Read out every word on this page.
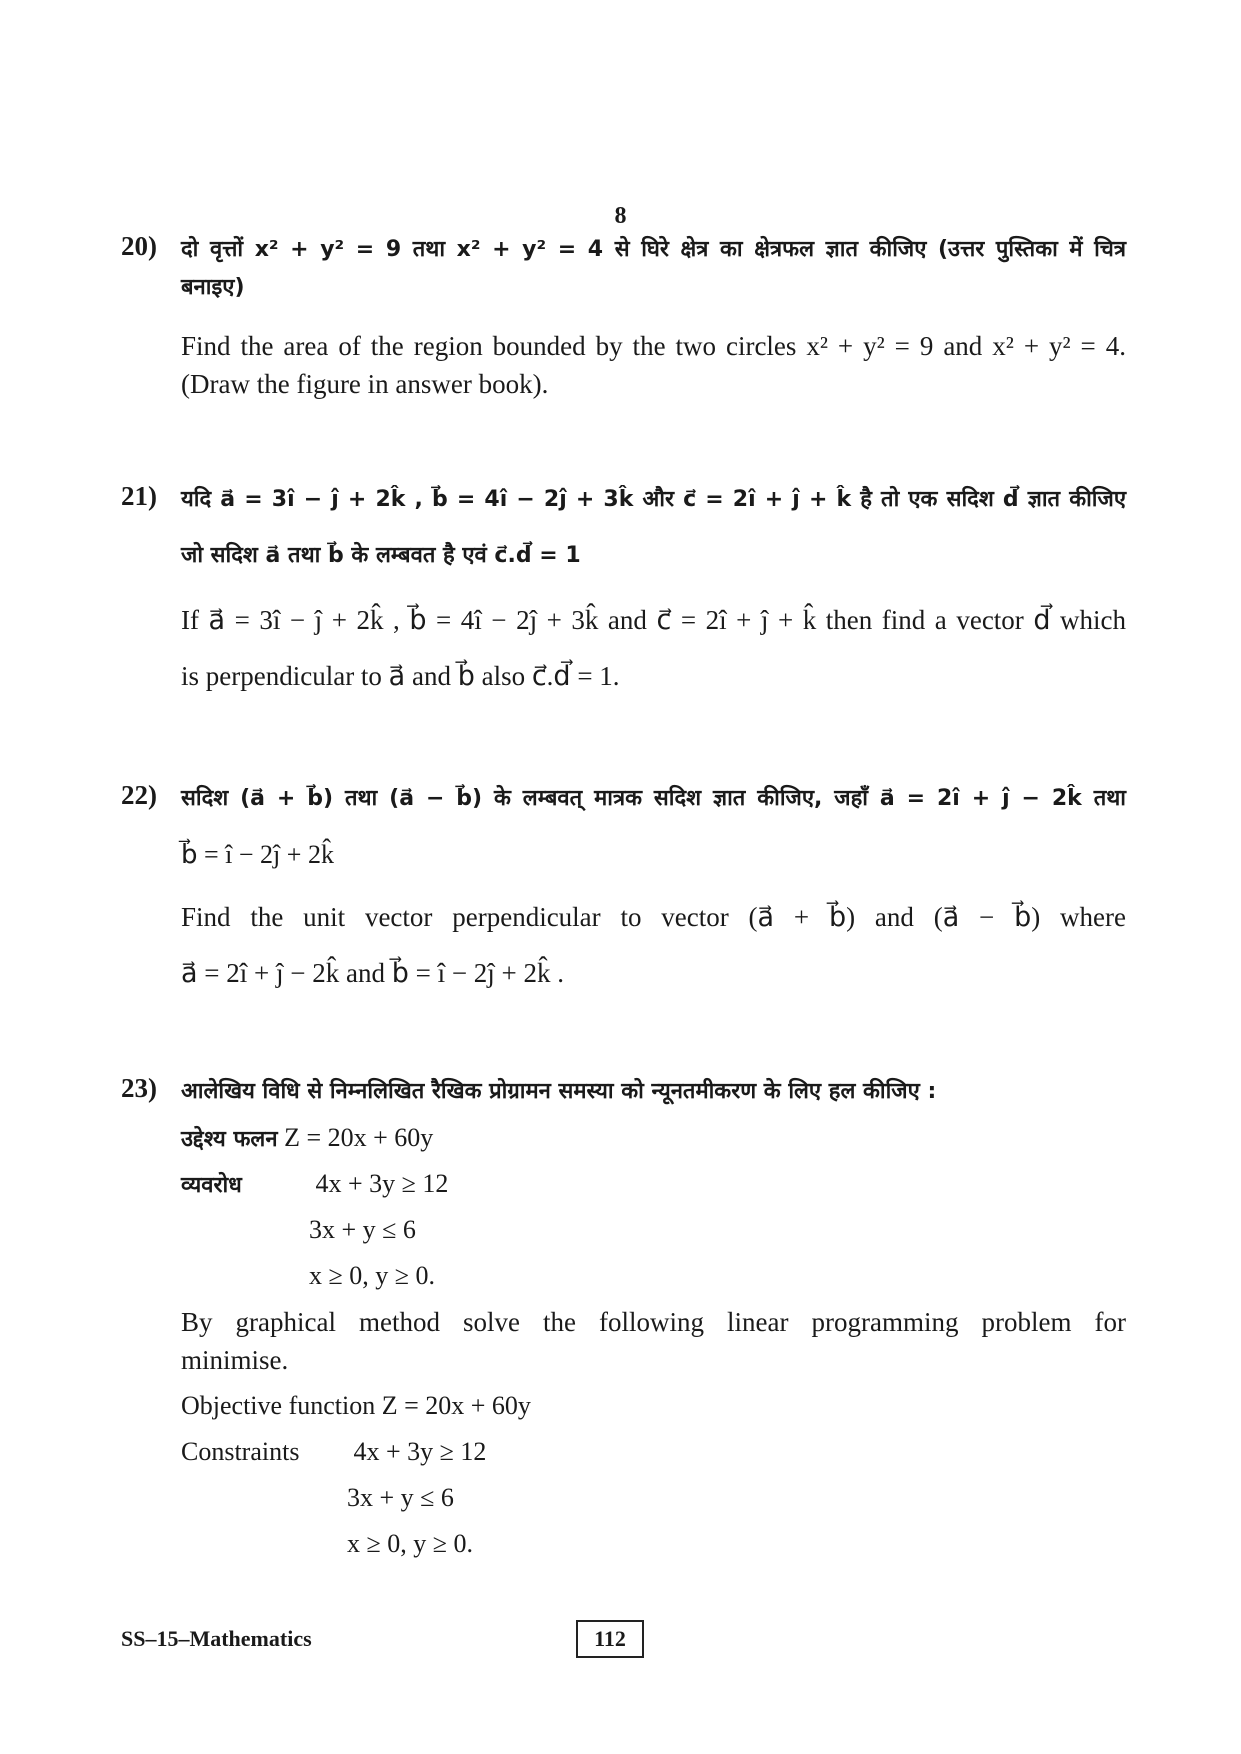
8
20) दो वृत्तों x² + y² = 9 तथा x² + y² = 4 से घिरे क्षेत्र का क्षेत्रफल ज्ञात कीजिए (उत्तर पुस्तिका में चित्र
बनाइए)
Find the area of the region bounded by the two circles x² + y² = 9 and x² + y² = 4.
(Draw the figure in answer book).
21) यदि a⃗ = 3î − ĵ + 2k̂ , b⃗ = 4î − 2ĵ + 3k̂ और c⃗ = 2î + ĵ + k̂ है तो एक सदिश d⃗ ज्ञात कीजिए
जो सदिश a⃗ तथा b⃗ के लम्बवत है एवं c⃗.d⃗ = 1
If a⃗ = 3î − ĵ + 2k̂ , b⃗ = 4î − 2ĵ + 3k̂ and c⃗ = 2î + ĵ + k̂ then find a vector d⃗ which
is perpendicular to a⃗ and b⃗ also c⃗.d⃗ = 1.
22) सदिश (a⃗ + b⃗) तथा (a⃗ − b⃗) के लम्बवत् मात्रक सदिश ज्ञात कीजिए, जहाँ a⃗ = 2î + ĵ − 2k̂ तथा
b⃗ = î − 2ĵ + 2k̂
Find the unit vector perpendicular to vector (a⃗ + b⃗) and (a⃗ − b⃗) where
a⃗ = 2î + ĵ − 2k̂ and b⃗ = î − 2ĵ + 2k̂ .
23) आलेखिय विधि से निम्नलिखित रैखिक प्रोग्रामन समस्या को न्यूनतमीकरण के लिए हल कीजिए :
उद्देश्य फलन Z = 20x + 60y
व्यवरोध	4x + 3y ≥ 12
3x + y ≤ 6
x ≥ 0, y ≥ 0.
By graphical method solve the following linear programming problem for
minimise.
Objective function Z = 20x + 60y
Constraints 4x + 3y ≥ 12
3x + y ≤ 6
x ≥ 0, y ≥ 0.
SS–15–Mathematics	112
